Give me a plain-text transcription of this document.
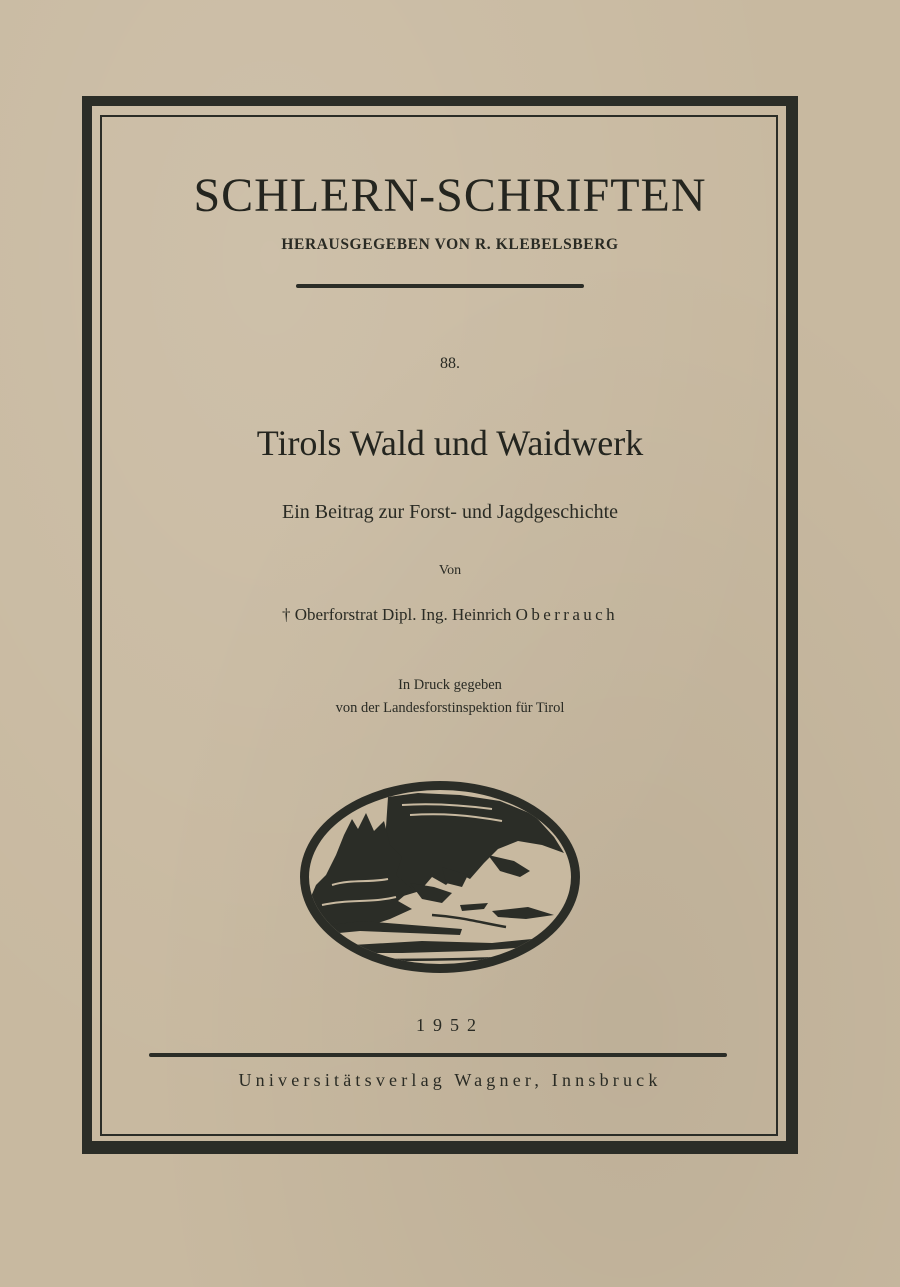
SCHLERN-SCHRIFTEN
HERAUSGEGEBEN VON R. KLEBELSBERG
88.
Tirols Wald und Waidwerk
Ein Beitrag zur Forst- und Jagdgeschichte
Von
† Oberforstrat Dipl. Ing. Heinrich Oberrauch
In Druck gegeben
von der Landesforstinspektion für Tirol
1952
Universitätsverlag Wagner, Innsbruck
